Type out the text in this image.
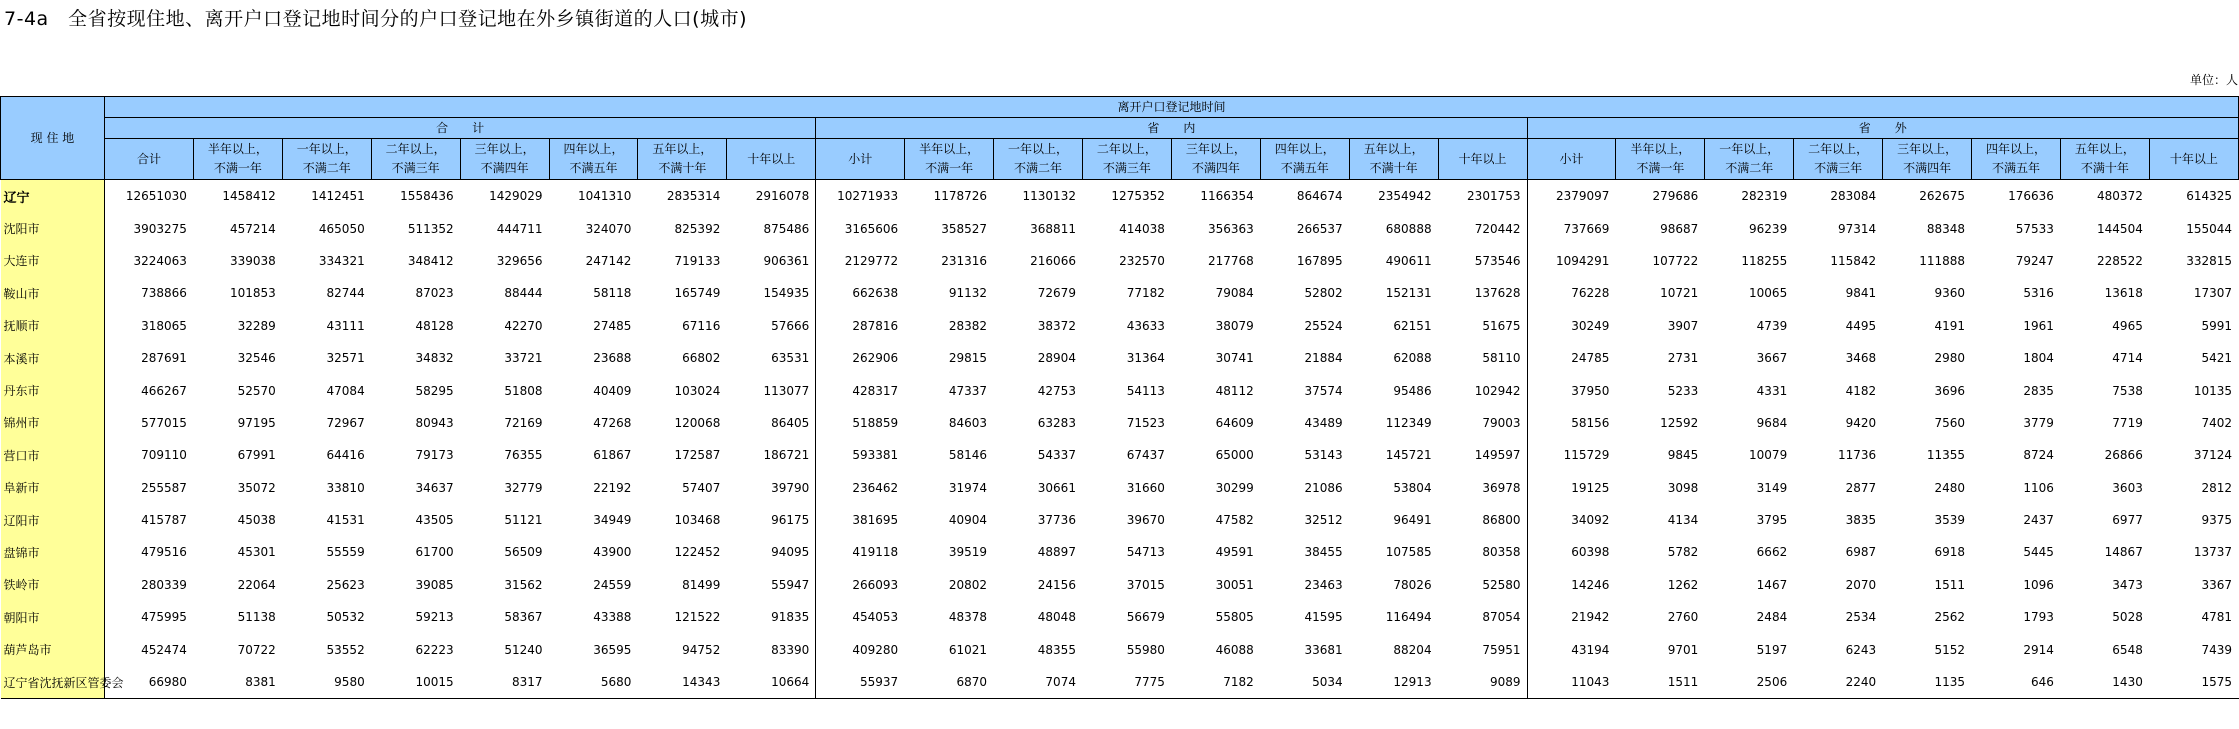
7-4a　全省按现住地、离开户口登记地时间分的户口登记地在外乡镇街道的人口(城市)
单位：人
现 住 地	离开户口登记地时间																							
	合　　计								省　　内								省　　外							
	合计	半年以上，
不满一年	一年以上，
不满二年	二年以上，
不满三年	三年以上，
不满四年	四年以上，
不满五年	五年以上，
不满十年	十年以上	小计	半年以上，
不满一年	一年以上，
不满二年	二年以上，
不满三年	三年以上，
不满四年	四年以上，
不满五年	五年以上，
不满十年	十年以上	小计	半年以上，
不满一年	一年以上，
不满二年	二年以上，
不满三年	三年以上，
不满四年	四年以上，
不满五年	五年以上，
不满十年	十年以上
辽宁	12651030	1458412	1412451	1558436	1429029	1041310	2835314	2916078	10271933	1178726	1130132	1275352	1166354	864674	2354942	2301753	2379097	279686	282319	283084	262675	176636	480372	614325
沈阳市	3903275	457214	465050	511352	444711	324070	825392	875486	3165606	358527	368811	414038	356363	266537	680888	720442	737669	98687	96239	97314	88348	57533	144504	155044
大连市	3224063	339038	334321	348412	329656	247142	719133	906361	2129772	231316	216066	232570	217768	167895	490611	573546	1094291	107722	118255	115842	111888	79247	228522	332815
鞍山市	738866	101853	82744	87023	88444	58118	165749	154935	662638	91132	72679	77182	79084	52802	152131	137628	76228	10721	10065	9841	9360	5316	13618	17307
抚顺市	318065	32289	43111	48128	42270	27485	67116	57666	287816	28382	38372	43633	38079	25524	62151	51675	30249	3907	4739	4495	4191	1961	4965	5991
本溪市	287691	32546	32571	34832	33721	23688	66802	63531	262906	29815	28904	31364	30741	21884	62088	58110	24785	2731	3667	3468	2980	1804	4714	5421
丹东市	466267	52570	47084	58295	51808	40409	103024	113077	428317	47337	42753	54113	48112	37574	95486	102942	37950	5233	4331	4182	3696	2835	7538	10135
锦州市	577015	97195	72967	80943	72169	47268	120068	86405	518859	84603	63283	71523	64609	43489	112349	79003	58156	12592	9684	9420	7560	3779	7719	7402
营口市	709110	67991	64416	79173	76355	61867	172587	186721	593381	58146	54337	67437	65000	53143	145721	149597	115729	9845	10079	11736	11355	8724	26866	37124
阜新市	255587	35072	33810	34637	32779	22192	57407	39790	236462	31974	30661	31660	30299	21086	53804	36978	19125	3098	3149	2877	2480	1106	3603	2812
辽阳市	415787	45038	41531	43505	51121	34949	103468	96175	381695	40904	37736	39670	47582	32512	96491	86800	34092	4134	3795	3835	3539	2437	6977	9375
盘锦市	479516	45301	55559	61700	56509	43900	122452	94095	419118	39519	48897	54713	49591	38455	107585	80358	60398	5782	6662	6987	6918	5445	14867	13737
铁岭市	280339	22064	25623	39085	31562	24559	81499	55947	266093	20802	24156	37015	30051	23463	78026	52580	14246	1262	1467	2070	1511	1096	3473	3367
朝阳市	475995	51138	50532	59213	58367	43388	121522	91835	454053	48378	48048	56679	55805	41595	116494	87054	21942	2760	2484	2534	2562	1793	5028	4781
葫芦岛市	452474	70722	53552	62223	51240	36595	94752	83390	409280	61021	48355	55980	46088	33681	88204	75951	43194	9701	5197	6243	5152	2914	6548	7439
辽宁省沈抚新区管委会	66980	8381	9580	10015	8317	5680	14343	10664	55937	6870	7074	7775	7182	5034	12913	9089	11043	1511	2506	2240	1135	646	1430	1575
